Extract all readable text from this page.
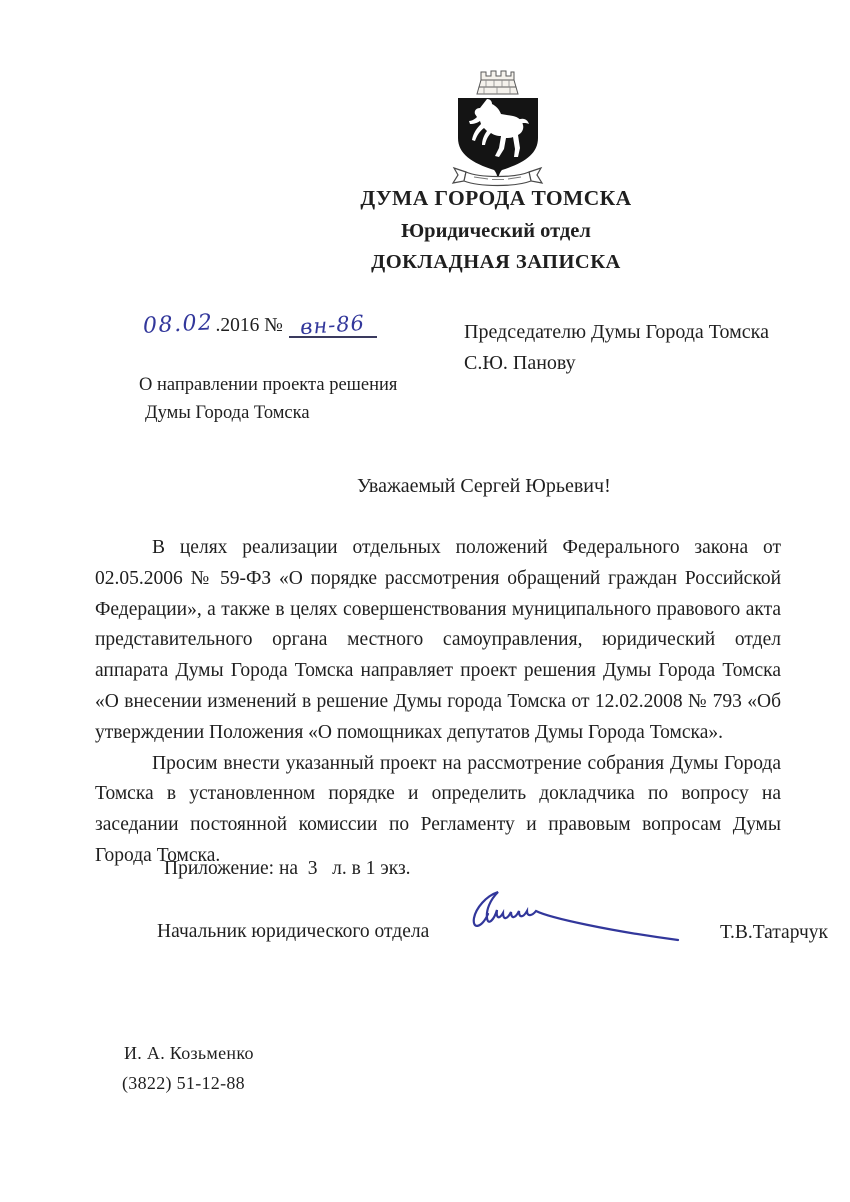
ДУМА ГОРОДА ТОМСКА
Юридический отдел
ДОКЛАДНАЯ ЗАПИСКА
08.02.2016 № вн-86	Председателю Думы Города Томска
С.Ю. Панову
О направлении проекта решения
Думы Города Томска
Уважаемый Сергей Юрьевич!

В целях реализации отдельных положений Федерального закона от 02.05.2006 № 59-ФЗ «О порядке рассмотрения обращений граждан Российской Федерации», а также в целях совершенствования муниципального правового акта представительного органа местного самоуправления, юридический отдел аппарата Думы Города Томска направляет проект решения Думы Города Томска «О внесении изменений в решение Думы города Томска от 12.02.2008 № 793 «Об утверждении Положения «О помощниках депутатов Думы Города Томска».

Просим внести указанный проект на рассмотрение собрания Думы Города Томска в установленном порядке и определить докладчика по вопросу на заседании постоянной комиссии по Регламенту и правовым вопросам Думы Города Томска.

Приложение: на  3   л. в 1 экз.
Начальник юридического отдела	Т.В.Татарчук
И. А. Козьменко
(3822) 51-12-88
